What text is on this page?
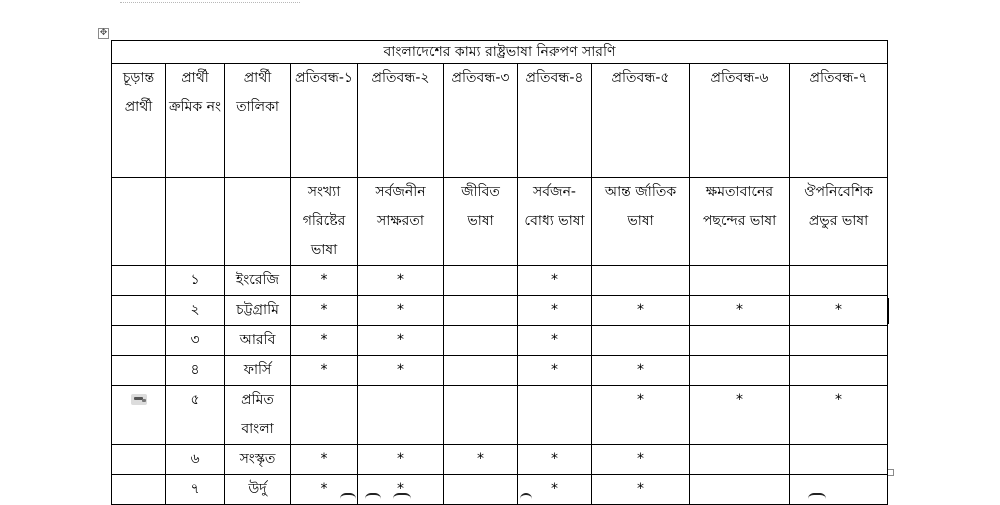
✥
বাংলাদেশের কাম্য রাষ্ট্রভাষা নিরুপণ সারণি									
চূড়ান্ত প্রার্থী	প্রার্থী ক্রমিক নং	প্রার্থী তালিকা	প্রতিবন্ধ-১	প্রতিবন্ধ-২	প্রতিবন্ধ-৩	প্রতিবন্ধ-৪	প্রতিবন্ধ-৫	প্রতিবন্ধ-৬	প্রতিবন্ধ-৭
			সংখ্যা গরিষ্টের ভাষা	সর্বজনীন সাক্ষরতা	জীবিত ভাষা	সর্বজন-বোধ্য ভাষা	আন্ত র্জাতিক ভাষা	ক্ষমতাবানের পছন্দের ভাষা	ঔপনিবেশিক প্রভুর ভাষা
	১	ইংরেজি	*	*		*			
	২	চট্টগ্রামি	*	*		*	*	*	*
	৩	আরবি	*	*		*			
	৪	ফার্সি	*	*		*	*		
	৫	প্রমিত বাংলা					*	*	*
	৬	সংস্কৃত	*	*	*	*	*		
	৭	উর্দু	*	*		*	*		
